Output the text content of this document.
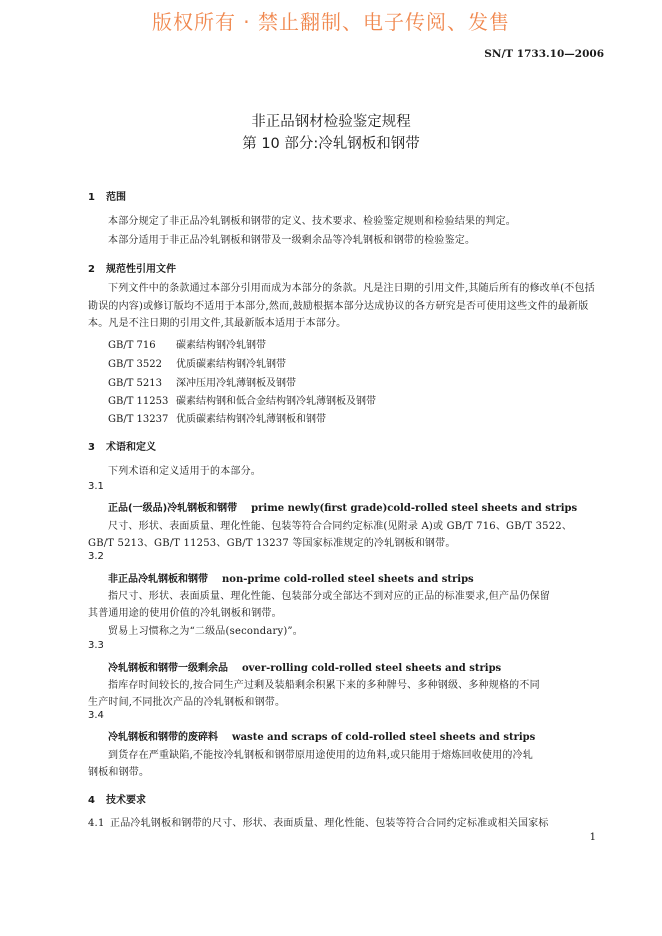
版权所有 · 禁止翻制、电子传阅、发售
SN/T 1733.10—2006
非正品钢材检验鉴定规程
第 10 部分:冷轧钢板和钢带
1 范围
本部分规定了非正品冷轧钢板和钢带的定义、技术要求、检验鉴定规则和检验结果的判定。
本部分适用于非正品冷轧钢板和钢带及一级剩余品等冷轧钢板和钢带的检验鉴定。
2 规范性引用文件
下列文件中的条款通过本部分引用而成为本部分的条款。凡是注日期的引用文件,其随后所有的修改单(不包括勘误的内容)或修订版均不适用于本部分,然而,鼓励根据本部分达成协议的各方研究是否可使用这些文件的最新版本。凡是不注日期的引用文件,其最新版本适用于本部分。
GB/T 716 碳素结构钢冷轧钢带
GB/T 3522 优质碳素结构钢冷轧钢带
GB/T 5213 深冲压用冷轧薄钢板及钢带
GB/T 11253 碳素结构钢和低合金结构钢冷轧薄钢板及钢带
GB/T 13237 优质碳素结构钢冷轧薄钢板和钢带
3 术语和定义
下列术语和定义适用于的本部分。
3.1
正品(一级品)冷轧钢板和钢带 prime newly(first grade)cold-rolled steel sheets and strips
尺寸、形状、表面质量、理化性能、包装等符合合同约定标准(见附录 A)或 GB/T 716、GB/T 3522、
GB/T 5213、GB/T 11253、GB/T 13237 等国家标准规定的冷轧钢板和钢带。
3.2
非正品冷轧钢板和钢带 non-prime cold-rolled steel sheets and strips
指尺寸、形状、表面质量、理化性能、包装部分或全部达不到对应的正品的标准要求,但产品仍保留
其普通用途的使用价值的冷轧钢板和钢带。
贸易上习惯称之为“二级品(secondary)”。
3.3
冷轧钢板和钢带一级剩余品 over-rolling cold-rolled steel sheets and strips
指库存时间较长的,按合同生产过剩及装船剩余积累下来的多种牌号、多种钢级、多种规格的不同
生产时间,不同批次产品的冷轧钢板和钢带。
3.4
冷轧钢板和钢带的废碎料 waste and scraps of cold-rolled steel sheets and strips
到货存在严重缺陷,不能按冷轧钢板和钢带原用途使用的边角料,或只能用于熔炼回收使用的冷轧
钢板和钢带。
4 技术要求
4.1 正品冷轧钢板和钢带的尺寸、形状、表面质量、理化性能、包装等符合合同约定标准或相关国家标
1
